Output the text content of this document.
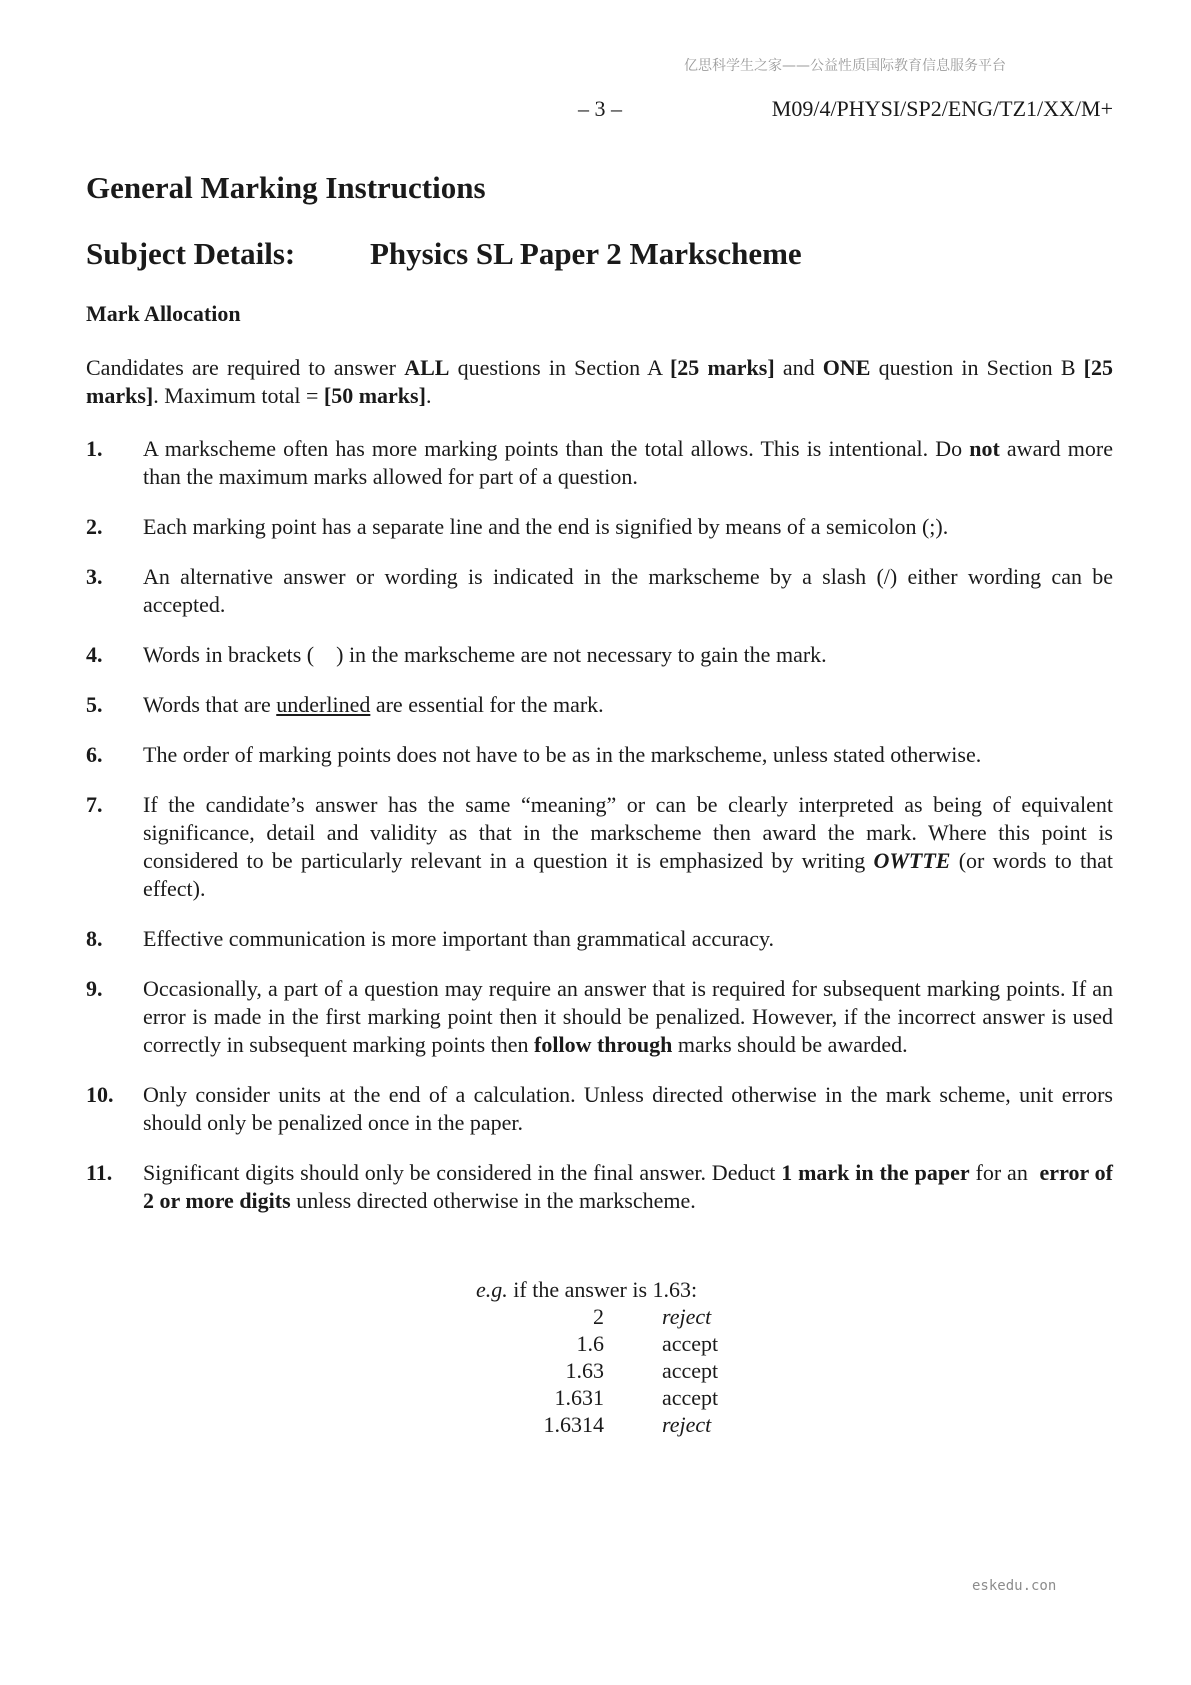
亿思科学生之家——公益性质国际教育信息服务平台
– 3 –	M09/4/PHYSI/SP2/ENG/TZ1/XX/M+
General Marking Instructions
Subject Details: Physics SL Paper 2 Markscheme
Mark Allocation
Candidates are required to answer ALL questions in Section A [25 marks] and ONE question in Section B [25 marks]. Maximum total = [50 marks].
1.	A markscheme often has more marking points than the total allows. This is intentional. Do not award more than the maximum marks allowed for part of a question.
2.	Each marking point has a separate line and the end is signified by means of a semicolon (;).
3.	An alternative answer or wording is indicated in the markscheme by a slash (/) either wording can be accepted.
4.	Words in brackets (    ) in the markscheme are not necessary to gain the mark.
5.	Words that are underlined are essential for the mark.
6.	The order of marking points does not have to be as in the markscheme, unless stated otherwise.
7.	If the candidate’s answer has the same “meaning” or can be clearly interpreted as being of equivalent significance, detail and validity as that in the markscheme then award the mark. Where this point is considered to be particularly relevant in a question it is emphasized by writing OWTTE (or words to that effect).
8.	Effective communication is more important than grammatical accuracy.
9.	Occasionally, a part of a question may require an answer that is required for subsequent marking points. If an error is made in the first marking point then it should be penalized. However, if the incorrect answer is used correctly in subsequent marking points then follow through marks should be awarded.
10.	Only consider units at the end of a calculation. Unless directed otherwise in the mark scheme, unit errors should only be penalized once in the paper.
11.	Significant digits should only be considered in the final answer. Deduct 1 mark in the paper for an  error of 2 or more digits unless directed otherwise in the markscheme.
e.g. if the answer is 1.63:
2	reject
1.6	accept
1.63	accept
1.631	accept
1.6314	reject
eskedu.con
